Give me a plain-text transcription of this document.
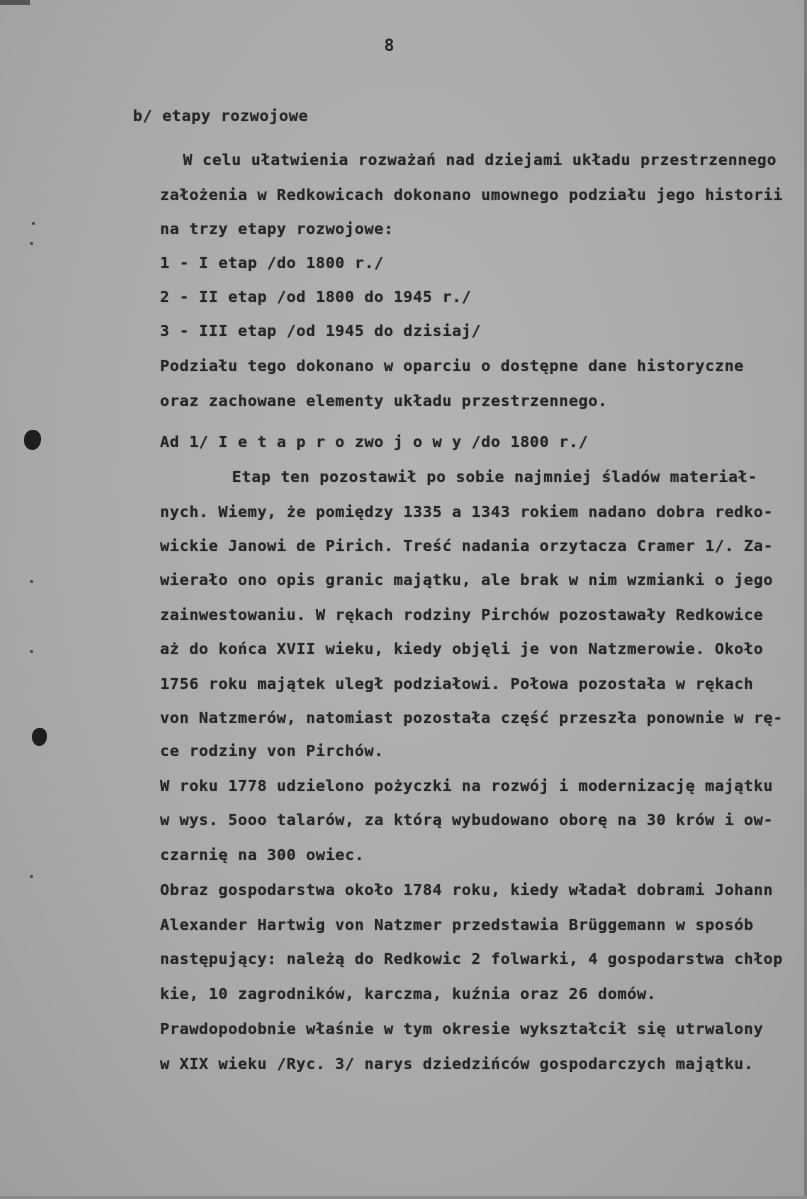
8
b/ etapy rozwojowe
W celu ułatwienia rozważań nad dziejami układu przestrzennego
założenia w Redkowicach dokonano umownego podziału jego historii
na trzy etapy rozwojowe:
1 - I etap /do 1800 r./
2 - II etap /od 1800 do 1945 r./
3 - III etap /od 1945 do dzisiaj/
Podziału tego dokonano w oparciu o dostępne dane historyczne
oraz zachowane elementy układu przestrzennego.
Ad 1/ I e t a p r o zwo j o w y /do 1800 r./
Etap ten pozostawił po sobie najmniej śladów materiał-
nych. Wiemy, że pomiędzy 1335 a 1343 rokiem nadano dobra redko-
wickie Janowi de Pirich. Treść nadania orzytacza Cramer 1/. Za-
wierało ono opis granic majątku, ale brak w nim wzmianki o jego
zainwestowaniu. W rękach rodziny Pirchów pozostawały Redkowice
aż do końca XVII wieku, kiedy objęli je von Natzmerowie. Około
1756 roku majątek uległ podziałowi. Połowa pozostała w rękach
von Natzmerów, natomiast pozostała część przeszła ponownie w rę-
ce rodziny von Pirchów.
W roku 1778 udzielono pożyczki na rozwój i modernizację majątku
w wys. 5ooo talarów, za którą wybudowano oborę na 30 krów i ow-
czarnię na 300 owiec.
Obraz gospodarstwa około 1784 roku, kiedy władał dobrami Johann
Alexander Hartwig von Natzmer przedstawia Brüggemann w sposób
następujący: należą do Redkowic 2 folwarki, 4 gospodarstwa chłop
kie, 10 zagrodników, karczma, kuźnia oraz 26 domów.
Prawdopodobnie właśnie w tym okresie wykształcił się utrwalony
w XIX wieku /Ryc. 3/ narys dziedzińców gospodarczych majątku.
